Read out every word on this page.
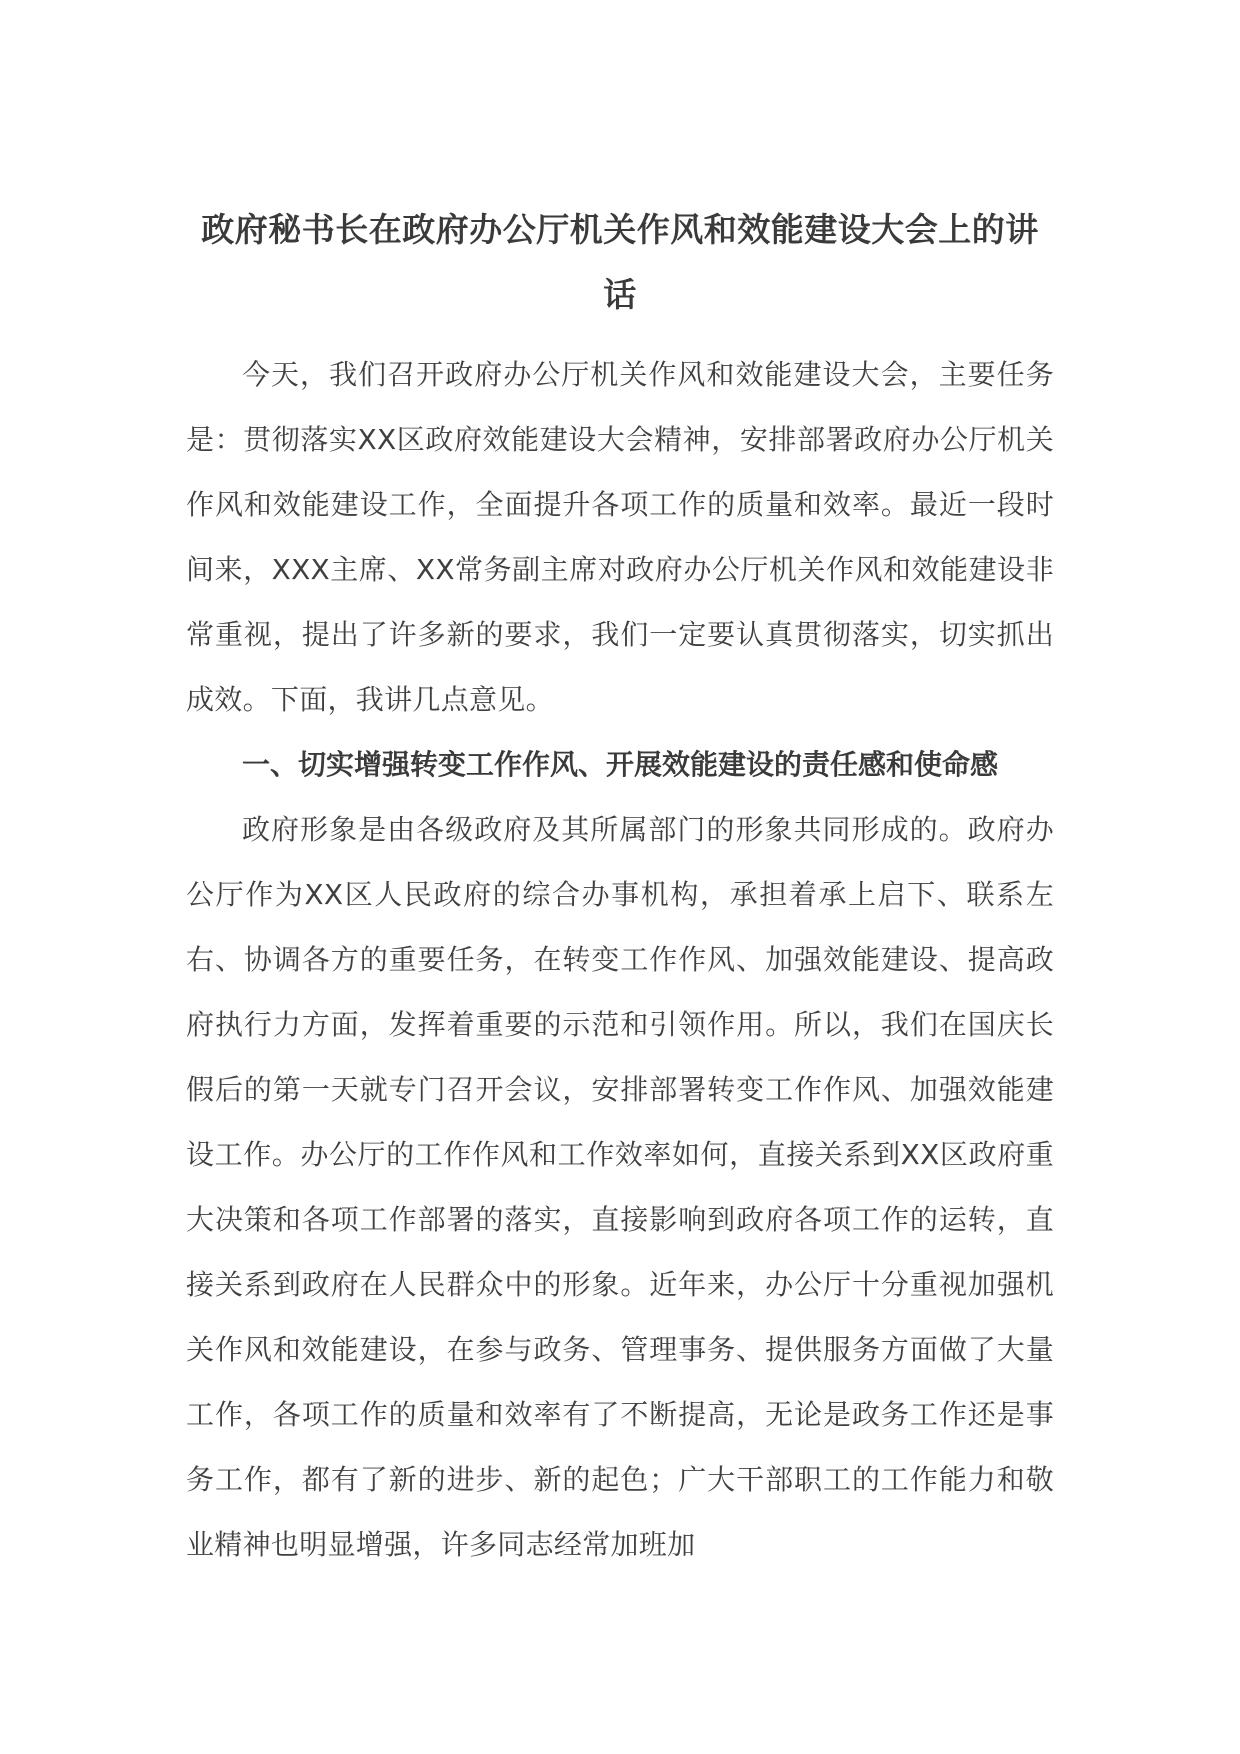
政府秘书长在政府办公厅机关作风和效能建设大会上的讲话

今天，我们召开政府办公厅机关作风和效能建设大会，主要任务是：贯彻落实XX区政府效能建设大会精神，安排部署政府办公厅机关作风和效能建设工作，全面提升各项工作的质量和效率。最近一段时间来，XXX主席、XX常务副主席对政府办公厅机关作风和效能建设非常重视，提出了许多新的要求，我们一定要认真贯彻落实，切实抓出成效。下面，我讲几点意见。

一、切实增强转变工作作风、开展效能建设的责任感和使命感

政府形象是由各级政府及其所属部门的形象共同形成的。政府办公厅作为XX区人民政府的综合办事机构，承担着承上启下、联系左右、协调各方的重要任务，在转变工作作风、加强效能建设、提高政府执行力方面，发挥着重要的示范和引领作用。所以，我们在国庆长假后的第一天就专门召开会议，安排部署转变工作作风、加强效能建设工作。办公厅的工作作风和工作效率如何，直接关系到XX区政府重大决策和各项工作部署的落实，直接影响到政府各项工作的运转，直接关系到政府在人民群众中的形象。近年来，办公厅十分重视加强机关作风和效能建设，在参与政务、管理事务、提供服务方面做了大量工作，各项工作的质量和效率有了不断提高，无论是政务工作还是事务工作，都有了新的进步、新的起色；广大干部职工的工作能力和敬业精神也明显增强，许多同志经常加班加
